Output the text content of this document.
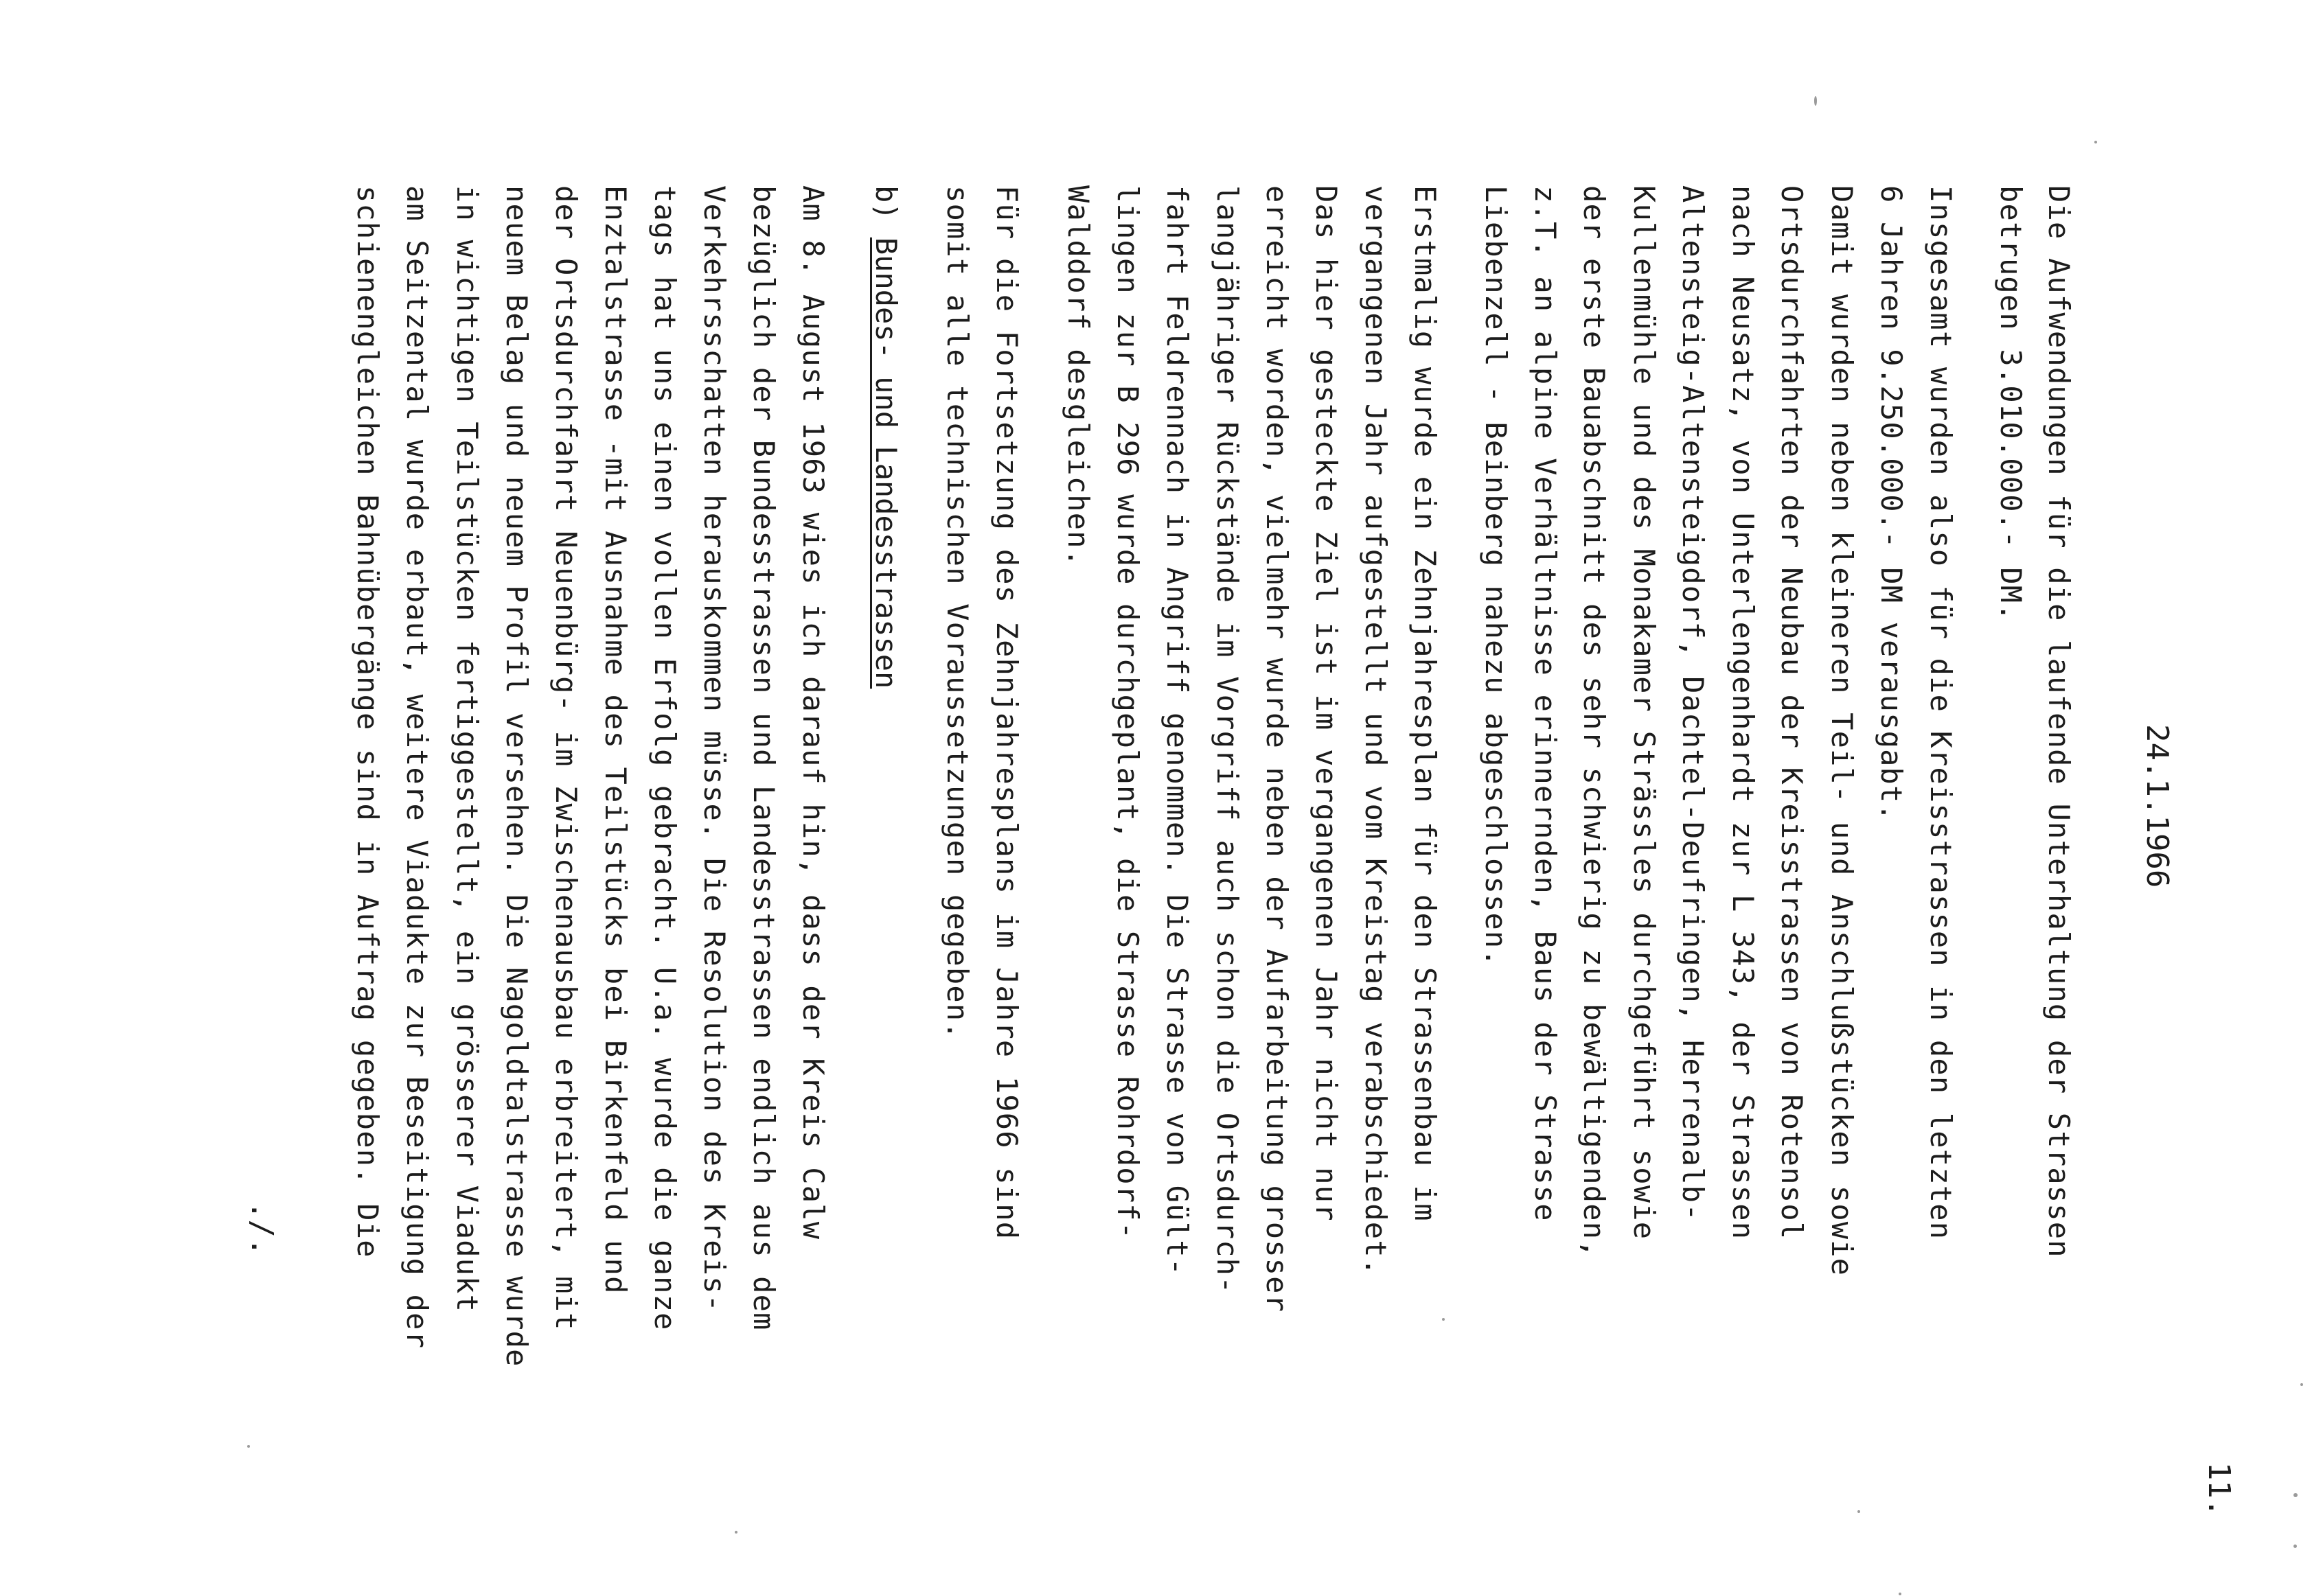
11.
24.1.1966
Die Aufwendungen für die laufende Unterhaltung der Strassen
betrugen 3.010.000.- DM.
Insgesamt wurden also für die Kreisstrassen in den letzten
6 Jahren 9.250.000.- DM verausgabt.
Damit wurden neben kleineren Teil- und Anschlußstücken sowie
Ortsdurchfahrten der Neubau der Kreisstrassen von Rotensol
nach Neusatz, von Unterlengenhardt zur L 343, der Strassen
Altensteig-Altensteigdorf, Dachtel-Deufringen, Herrenalb-
Kullenmühle und des Monakamer Strässles durchgeführt sowie
der erste Bauabschnitt des sehr schwierig zu bewältigenden,
z.T. an alpine Verhältnisse erinnernden, Baus der Strasse
Liebenzell - Beinberg nahezu abgeschlossen.
Erstmalig wurde ein Zehnjahresplan für den Strassenbau im
vergangenen Jahr aufgestellt und vom Kreistag verabschiedet.
Das hier gesteckte Ziel ist im vergangenen Jahr nicht nur
erreicht worden, vielmehr wurde neben der Aufarbeitung grosser
langjähriger Rückstände im Vorgriff auch schon die Ortsdurch-
fahrt Feldrennach in Angriff genommen. Die Strasse von Gült-
lingen zur B 296 wurde durchgeplant, die Strasse Rohrdorf-
Walddorf desgleichen.
Für die Fortsetzung des Zehnjahresplans im Jahre 1966 sind
somit alle technischen Voraussetzungen gegeben.
b) Bundes- und Landesstrassen
Am 8. August 1963 wies ich darauf hin, dass der Kreis Calw
bezüglich der Bundesstrassen und Landesstrassen endlich aus dem
Verkehrsschatten herauskommen müsse. Die Resolution des Kreis-
tags hat uns einen vollen Erfolg gebracht. U.a. wurde die ganze
Enztalstrasse -mit Ausnahme des Teilstücks bei Birkenfeld und
der Ortsdurchfahrt Neuenbürg- im Zwischenausbau erbreitert, mit
neuem Belag und neuem Profil versehen. Die Nagoldtalstrasse wurde
in wichtigen Teilstücken fertiggestellt, ein grösserer Viadukt
am Seitzental wurde erbaut, weitere Viadukte zur Beseitigung der
schienengleichen Bahnübergänge sind in Auftrag gegeben. Die
./.
